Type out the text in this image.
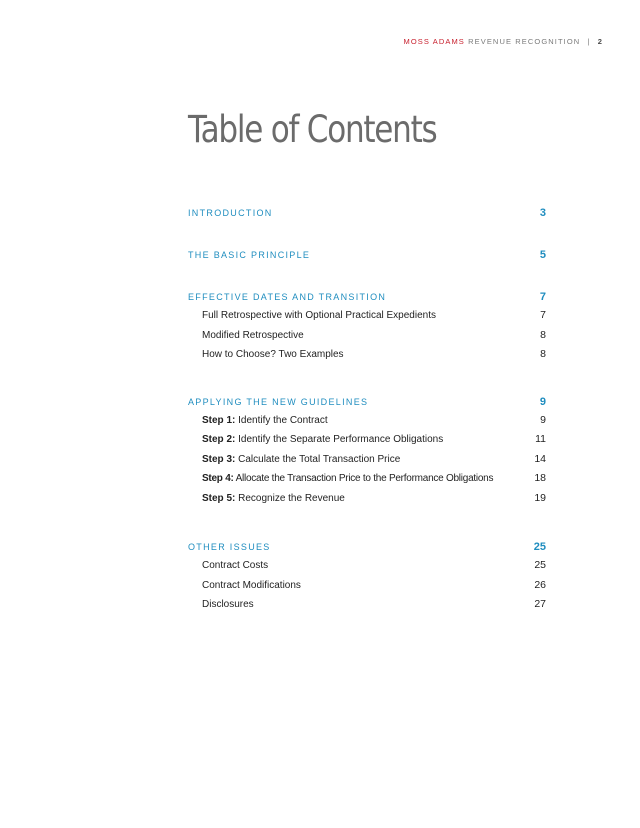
MOSS ADAMS REVENUE RECOGNITION | 2
Table of Contents
INTRODUCTION	3
THE BASIC PRINCIPLE	5
EFFECTIVE DATES AND TRANSITION	7
Full Retrospective with Optional Practical Expedients	7
Modified Retrospective	8
How to Choose? Two Examples	8
APPLYING THE NEW GUIDELINES	9
Step 1: Identify the Contract	9
Step 2: Identify the Separate Performance Obligations	11
Step 3: Calculate the Total Transaction Price	14
Step 4: Allocate the Transaction Price to the Performance Obligations	18
Step 5: Recognize the Revenue	19
OTHER ISSUES	25
Contract Costs	25
Contract Modifications	26
Disclosures	27
